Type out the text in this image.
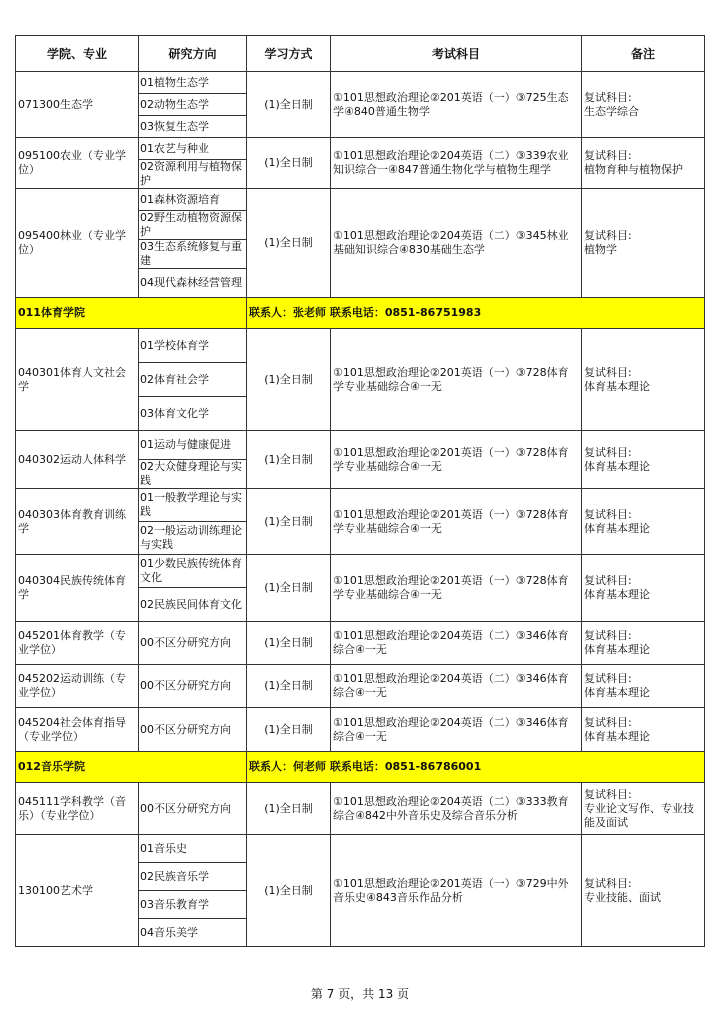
学院、专业	研究方向	学习方式	考试科目	备注
071300生态学	01植物生态学	(1)全日制	①101思想政治理论②201英语（一）③725生态学④840普通生物学	复试科目:
生态学综合

	02动物生态学			
	03恢复生态学			
095100农业（专业学位）	01农艺与种业	(1)全日制	①101思想政治理论②204英语（二）③339农业知识综合一④847普通生物化学与植物生理学	复试科目:
植物育种与植物保护

	02资源利用与植物保护			
095400林业（专业学位）	01森林资源培育	(1)全日制	①101思想政治理论②204英语（二）③345林业基础知识综合④830基础生态学	复试科目:
植物学

	02野生动植物资源保护			
	03生态系统修复与重建			
	04现代森林经营管理			
011体育学院		联系人：张老师 联系电话：0851-86751983		
040301体育人文社会学	01学校体育学	(1)全日制	①101思想政治理论②201英语（一）③728体育学专业基础综合④一无	复试科目:
体育基本理论

	02体育社会学			
	03体育文化学			
040302运动人体科学	01运动与健康促进	(1)全日制	①101思想政治理论②201英语（一）③728体育学专业基础综合④一无	复试科目:
体育基本理论

	02大众健身理论与实践			
040303体育教育训练学	01一般教学理论与实践	(1)全日制	①101思想政治理论②201英语（一）③728体育学专业基础综合④一无	复试科目:
体育基本理论

	02一般运动训练理论与实践			
040304民族传统体育学	01少数民族传统体育文化	(1)全日制	①101思想政治理论②201英语（一）③728体育学专业基础综合④一无	复试科目:
体育基本理论

	02民族民间体育文化			
045201体育教学（专业学位）	00不区分研究方向	(1)全日制	①101思想政治理论②204英语（二）③346体育综合④一无	复试科目:
体育基本理论

045202运动训练（专业学位）	00不区分研究方向	(1)全日制	①101思想政治理论②204英语（二）③346体育综合④一无	复试科目:
体育基本理论

045204社会体育指导（专业学位）	00不区分研究方向	(1)全日制	①101思想政治理论②204英语（二）③346体育综合④一无	复试科目:
体育基本理论

012音乐学院		联系人：何老师 联系电话：0851-86786001		
045111学科教学（音乐）（专业学位）	00不区分研究方向	(1)全日制	①101思想政治理论②204英语（二）③333教育综合④842中外音乐史及综合音乐分析	复试科目:
专业论文写作、专业技能及面试

130100艺术学	01音乐史	(1)全日制	①101思想政治理论②201英语（一）③729中外音乐史④843音乐作品分析	复试科目:
专业技能、面试

	02民族音乐学			
	03音乐教育学			
	04音乐美学			
第 7 页，共 13 页
